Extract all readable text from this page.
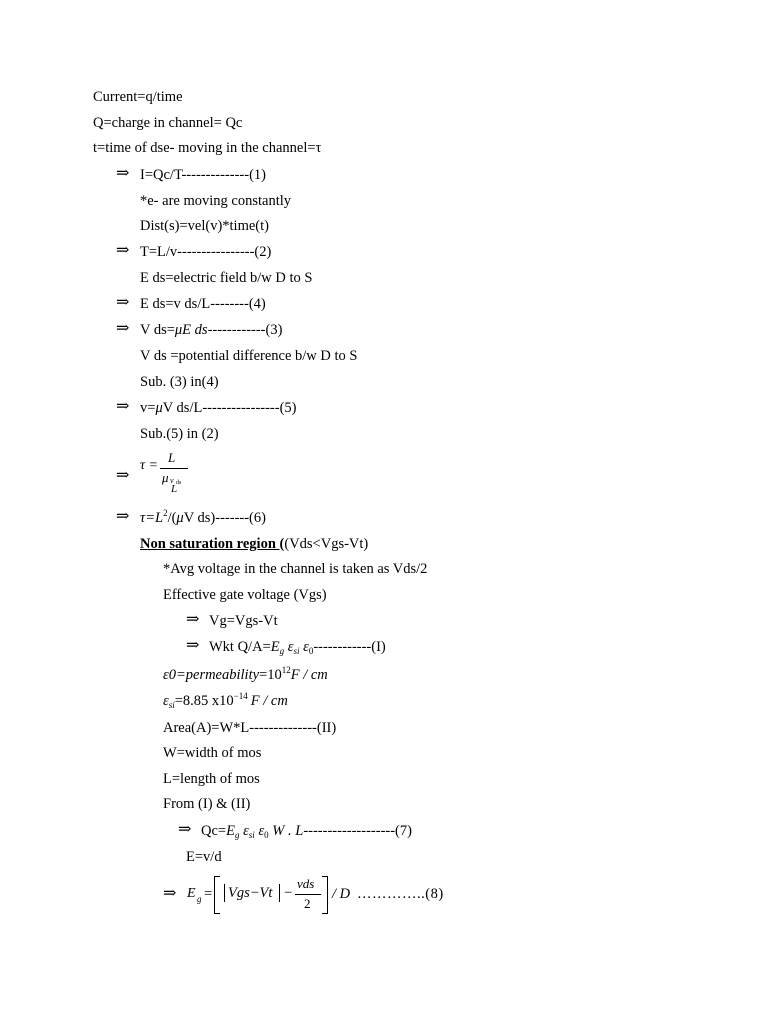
Current=q/time
Q=charge in channel= Qc
t=time of dse- moving in the channel=τ
⇒ I=Qc/T--------------(1)
*e- are moving constantly
Dist(s)=vel(v)*time(t)
⇒ T=L/v----------------(2)
E ds=electric field b/w D to S
⇒ E ds=v ds/L--------(4)
⇒ V ds=μE ds------------(3)
V ds =potential difference b/w D to S
Sub. (3) in(4)
⇒ v=μV ds/L----------------(5)
Sub.(5) in (2)
⇒
τ =
L
μ v ds
L
⇒ $\tau=L^2/(\mu V$ ds)-------(6)
Non saturation region ((Vds<Vgs-Vt)
*Avg voltage in the channel is taken as Vds/2
Effective gate voltage (Vgs)
⇒ Vg=Vgs-Vt
⇒ Wkt $Q/A=E_g$ $\varepsilon_{si}$ $\varepsilon_0------------(I)$
$\varepsilon 0=permeability=10^{12}F$ / cm
$\varepsilon_{si}=8.85$ $x10^{-14}$ F / cm
Area(A)=W*L--------------(II)
W=width of mos
L=length of mos
From (I) & (II)
⇒ $Qc=E_g$ $\varepsilon_{si}$ $\varepsilon_0$ W . L-------------------(7)
E=v/d
⇒ E g = Vgs−Vt −
vds
2
/ D …………..(8)
